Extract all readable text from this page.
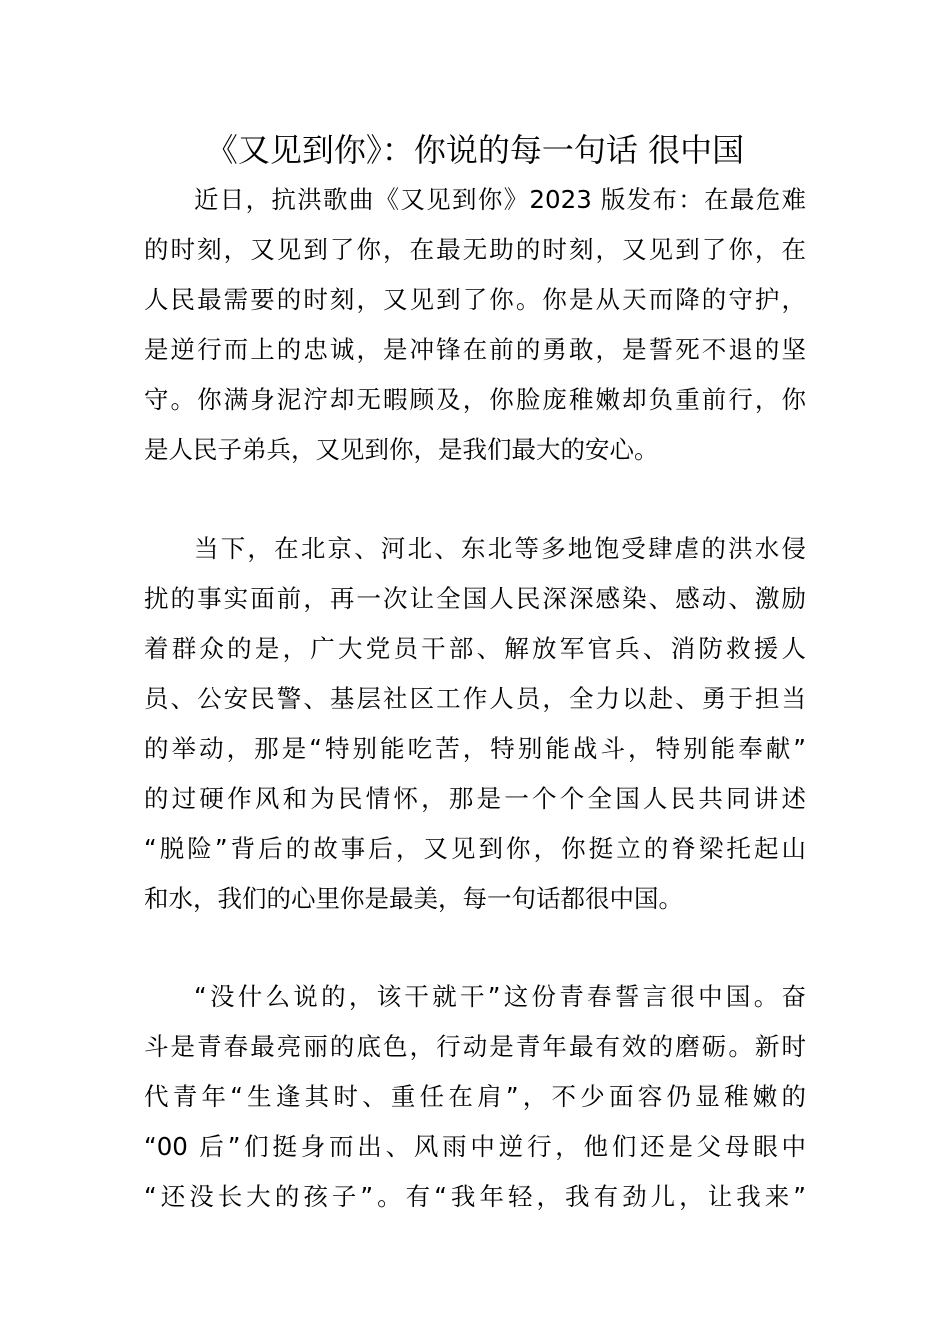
《又见到你》：你说的每一句话 很中国
近日，抗洪歌曲《又见到你》2023 版发布：在最危难
的时刻，又见到了你，在最无助的时刻，又见到了你，在
人民最需要的时刻，又见到了你。你是从天而降的守护，
是逆行而上的忠诚，是冲锋在前的勇敢，是誓死不退的坚
守。你满身泥泞却无暇顾及，你脸庞稚嫩却负重前行，你
是人民子弟兵，又见到你，是我们最大的安心。
当下，在北京、河北、东北等多地饱受肆虐的洪水侵
扰的事实面前，再一次让全国人民深深感染、感动、激励
着群众的是，广大党员干部、解放军官兵、消防救援人
员、公安民警、基层社区工作人员，全力以赴、勇于担当
的举动，那是“特别能吃苦，特别能战斗，特别能奉献”
的过硬作风和为民情怀，那是一个个全国人民共同讲述
“脱险”背后的故事后，又见到你，你挺立的脊梁托起山
和水，我们的心里你是最美，每一句话都很中国。
“没什么说的，该干就干”这份青春誓言很中国。奋
斗是青春最亮丽的底色，行动是青年最有效的磨砺。新时
代青年“生逢其时、重任在肩”，不少面容仍显稚嫩的
“00 后”们挺身而出、风雨中逆行，他们还是父母眼中
“还没长大的孩子”。有“我年轻，我有劲儿，让我来”
